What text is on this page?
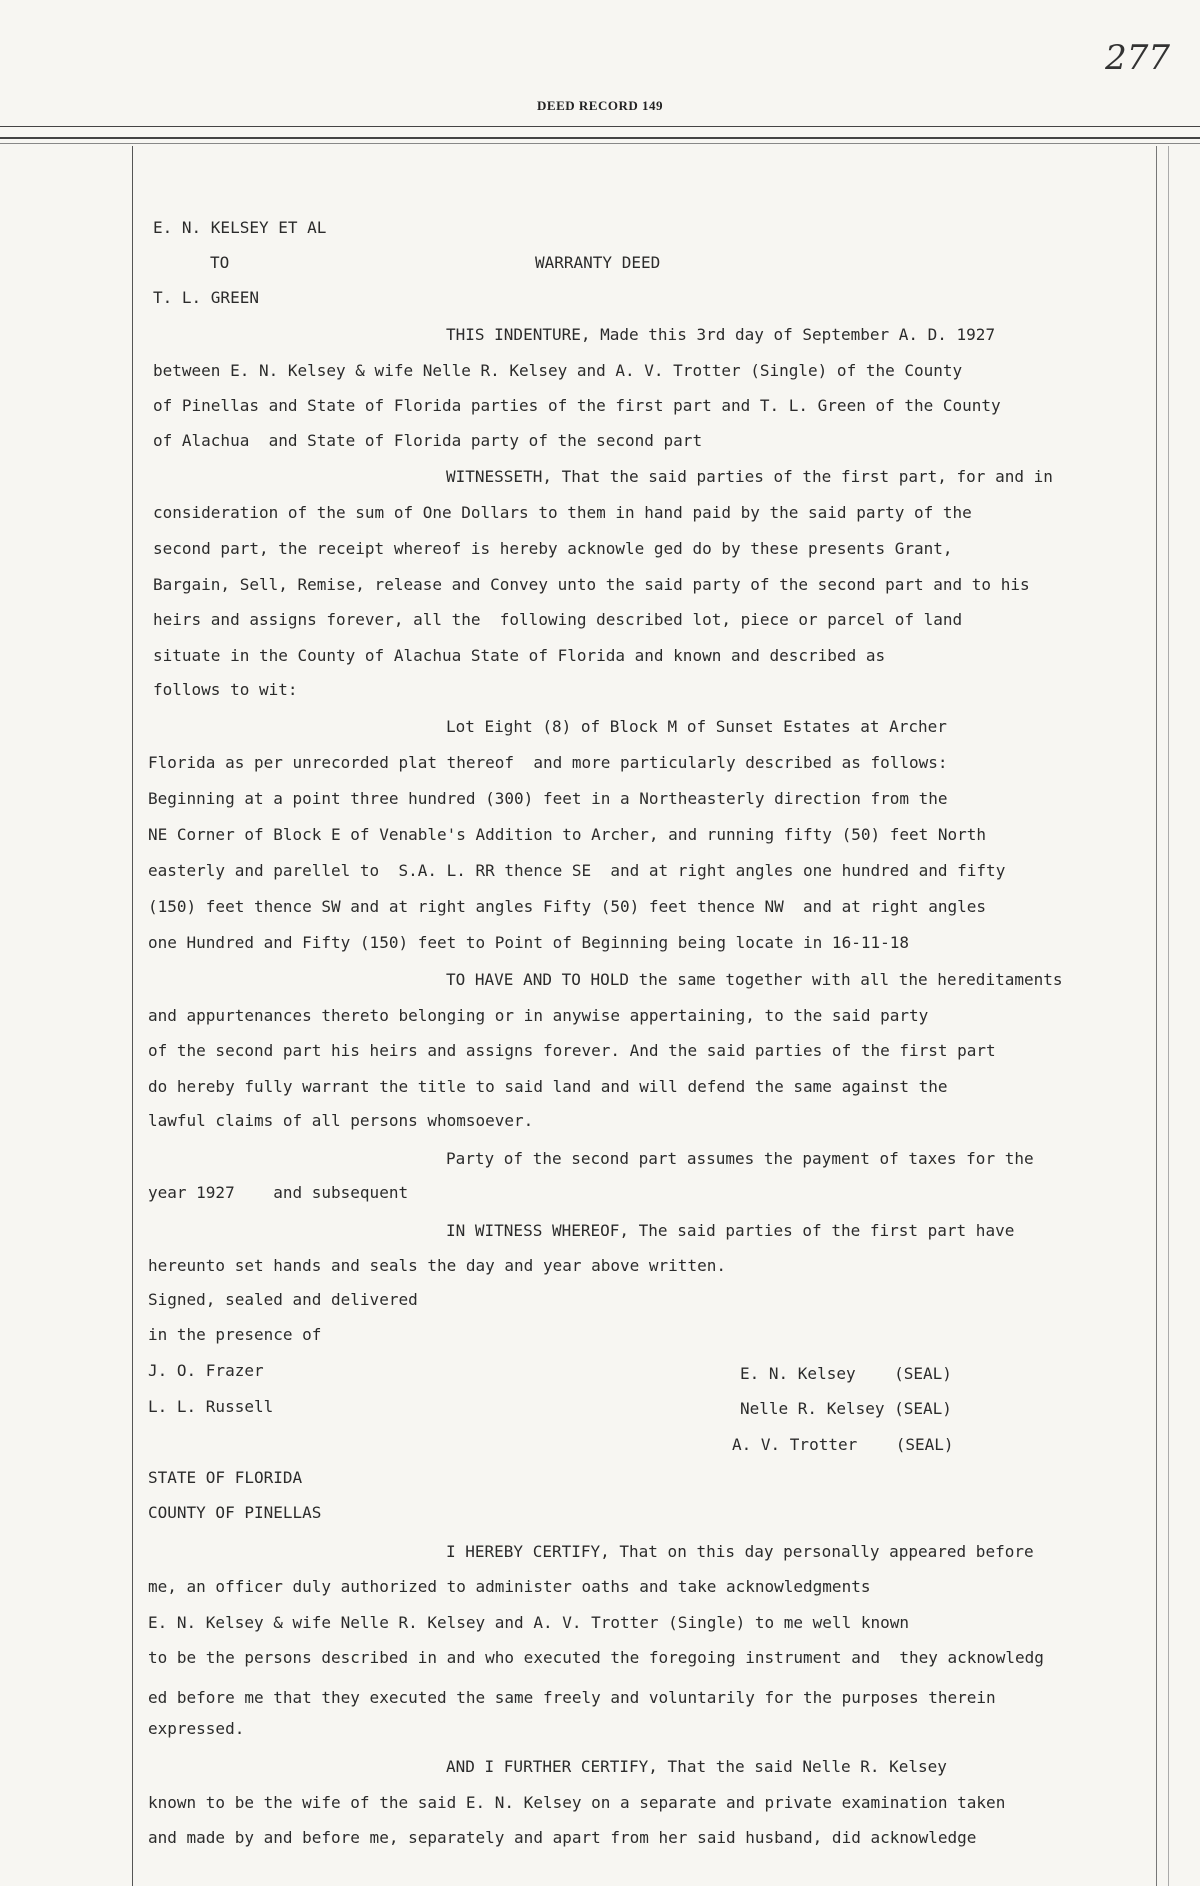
277
DEED RECORD 149
E. N. KELSEY ET AL
TO	WARRANTY DEED
T. L. GREEN
THIS INDENTURE, Made this 3rd day of September A. D. 1927
between E. N. Kelsey & wife Nelle R. Kelsey and A. V. Trotter (Single) of the County
of Pinellas and State of Florida parties of the first part and T. L. Green of the County
of Alachua  and State of Florida party of the second part
WITNESSETH, That the said parties of the first part, for and in
consideration of the sum of One Dollars to them in hand paid by the said party of the
second part, the receipt whereof is hereby acknowle ged do by these presents Grant,
Bargain, Sell, Remise, release and Convey unto the said party of the second part and to his
heirs and assigns forever, all the  following described lot, piece or parcel of land
situate in the County of Alachua State of Florida and known and described as
follows to wit:
Lot Eight (8) of Block M of Sunset Estates at Archer
Florida as per unrecorded plat thereof  and more particularly described as follows:
Beginning at a point three hundred (300) feet in a Northeasterly direction from the
NE Corner of Block E of Venable's Addition to Archer, and running fifty (50) feet North
easterly and parellel to  S.A. L. RR thence SE  and at right angles one hundred and fifty
(150) feet thence SW and at right angles Fifty (50) feet thence NW  and at right angles
one Hundred and Fifty (150) feet to Point of Beginning being locate in 16-11-18
TO HAVE AND TO HOLD the same together with all the hereditaments
and appurtenances thereto belonging or in anywise appertaining, to the said party
of the second part his heirs and assigns forever. And the said parties of the first part
do hereby fully warrant the title to said land and will defend the same against the
lawful claims of all persons whomsoever.
Party of the second part assumes the payment of taxes for the
year 1927    and subsequent
IN WITNESS WHEREOF, The said parties of the first part have
hereunto set hands and seals the day and year above written.
Signed, sealed and delivered
in the presence of
J. O. Frazer
L. L. Russell
E. N. Kelsey    (SEAL)
Nelle R. Kelsey (SEAL)
A. V. Trotter    (SEAL)
STATE OF FLORIDA
COUNTY OF PINELLAS
I HEREBY CERTIFY, That on this day personally appeared before
me, an officer duly authorized to administer oaths and take acknowledgments
E. N. Kelsey & wife Nelle R. Kelsey and A. V. Trotter (Single) to me well known
to be the persons described in and who executed the foregoing instrument and  they acknowledg
ed before me that they executed the same freely and voluntarily for the purposes therein
expressed.
AND I FURTHER CERTIFY, That the said Nelle R. Kelsey
known to be the wife of the said E. N. Kelsey on a separate and private examination taken
and made by and before me, separately and apart from her said husband, did acknowledge
